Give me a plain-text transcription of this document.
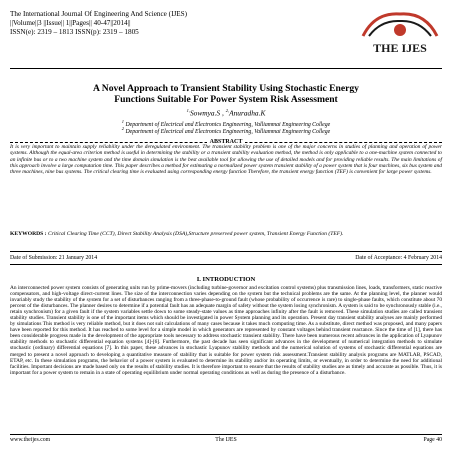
The International Journal Of Engineering And Science (IJES)
||Volume||3 ||Issue|| 1||Pages|| 40-47||2014||
ISSN(e): 2319 – 1813 ISSN(p): 2319 – 1805
THE IJES
A Novel Approach to Transient Stability Using Stochastic Energy
Functions Suitable For Power System Risk Assessment
$^{1,}$Sowmya.S , $^{2,}$Anuradha.K
$^1$ Department of Electrical and Electronics Engineering, Valliammai Engineering College
$^2$ Department of Electrical and Electronics Engineering, Valliammai Engineering College
ABSTRACT
It is very important to maintain supply reliability under the deregulated environment. The transient stability problem is one of the major concerns in studies of planning and operation of power systems. Although the equal-area criterion method is useful in determining the stability or a transient stability evaluation method, the method is only applicable to a one-machine system connected to an infinite bus or to a two machine system and the time domain simulation is the best available tool for allowing the use of detailed models and for providing reliable results. The main limitations of this approach involve a large computation time. This paper describes a method for estimating a normalized power system transient stability of a power system that is four machines, six bus system and three machines, nine bus systems. The critical clearing time is evaluated using corresponding energy function Therefore, the transient energy function (TEF) is convenient for large power systems.
KEYWORDS : Critical Clearing Time (CCT), Direct Stability Analysis (DSA),Structure preserved power system, Transient Energy Function (TEF).
Date of Submission: 21 January 2014	Date of Acceptance: 4 February 2014
I. INTRODUCTION
An interconnected power system consists of generating units run by prime-movers (including turbine-governor and excitation control systems) plus transmission lines, loads, transformers, static reactive compensators, and high-voltage direct-current lines. The size of the interconnection varies depending on the system but the technical problems are the same. At the planning level, the planner would invariably study the stability of the system for a set of disturbances ranging from a three-phase-to-ground fault (whose probability of occurrence is rare) to single-phase faults, which constitute about 70 percent of the disturbances. The planner desires to determine if a potential fault has an adequate margin of safety without the system losing synchronism. A system is said to be synchronously stable (i.e., retain synchronism) for a given fault if the system variables settle down to some steady-state values as time approaches infinity after the fault is removed. These simulation studies are called transient stability studies. Transient stability is one of the important items which should be investigated in power System planning and its operation. Present day transient stability analyses are mainly performed by simulations This method is very reliable method, but it does not suit calculations of many cases because it takes much computing time. As a substitute, direct method was proposed, and many papers have been reported for this method. It has reached to some level for a simple model in which generators are represented by constant voltages behind transient reactance. Since the time of [1], there has been considerable progress made in the development of the appropriate tools necessary to address stochastic transient stability. There have been numerous recent advances in the application of Lyapunov stability methods to stochastic differential equation systems [4]-[6]. Furthermore, the past decade has seen significant advances in the development of numerical integration methods to simulate stochastic (ordinary) differential equations [7]. In this paper, these advances in stochastic Lyapunov stability methods and the numerical solution of systems of stochastic differential equations are merged to present a novel approach to developing a quantitative measure of stability that is suitable for power system risk assessment.Transient stability analysis programs are MATLAB, PSCAD, ETAP, etc. In these simulation programs, the behavior of a power system is evaluated to determine its stability and/or its operating limits, or eventually, in order to determine the need for additional facilities. Important decisions are made based only on the results of stability studies. It is therefore important to ensure that the results of stability studies are as timely and accurate as possible. Thus, it is important for a power system to remain in a state of operating equilibrium under normal operating conditions as well as during the presence of a disturbance.
www.theijes.com	The IJES	Page 40
